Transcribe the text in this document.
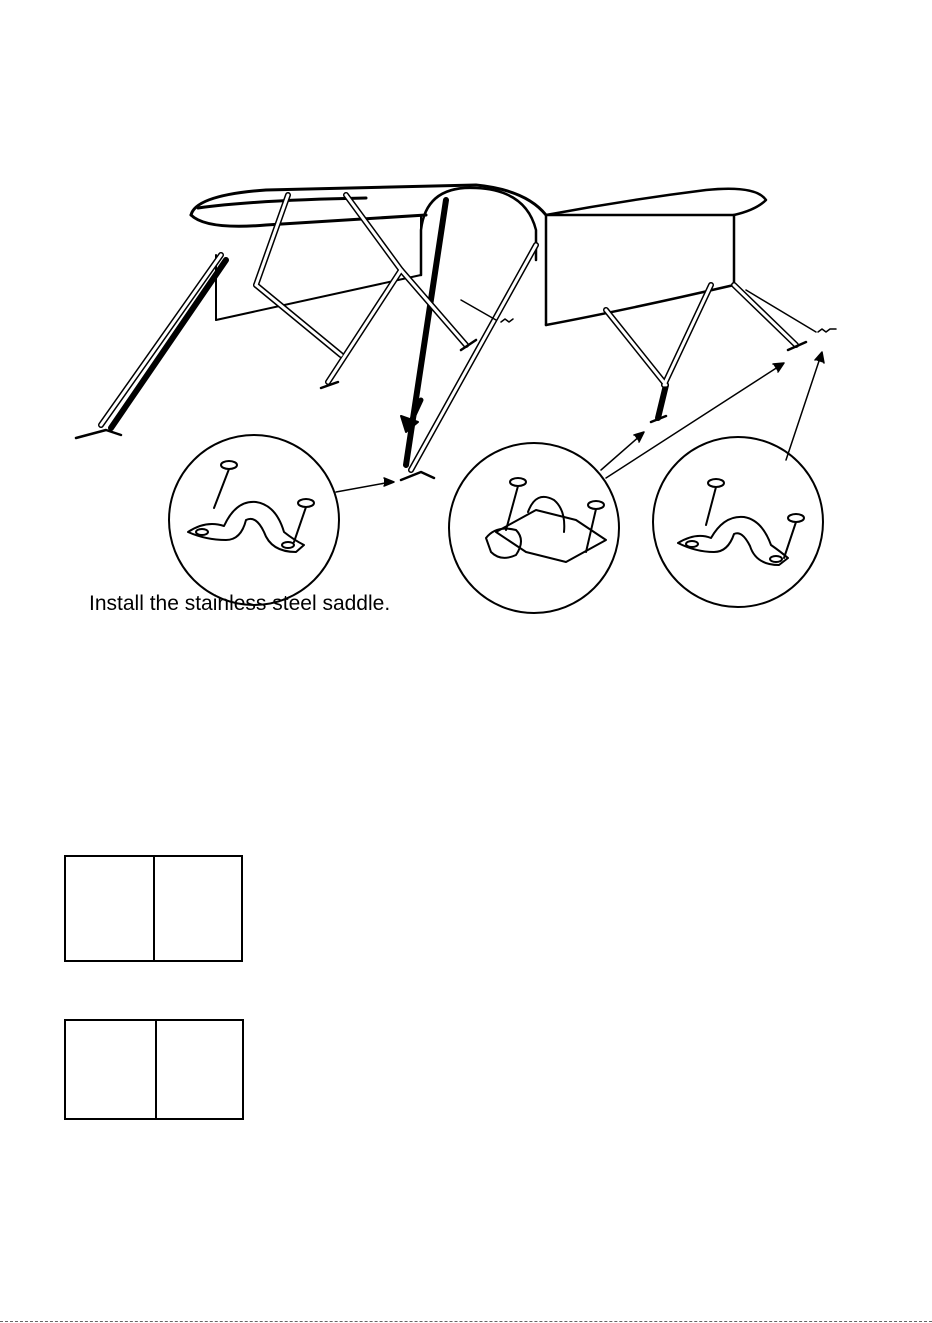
Install the stainless steel saddle.
